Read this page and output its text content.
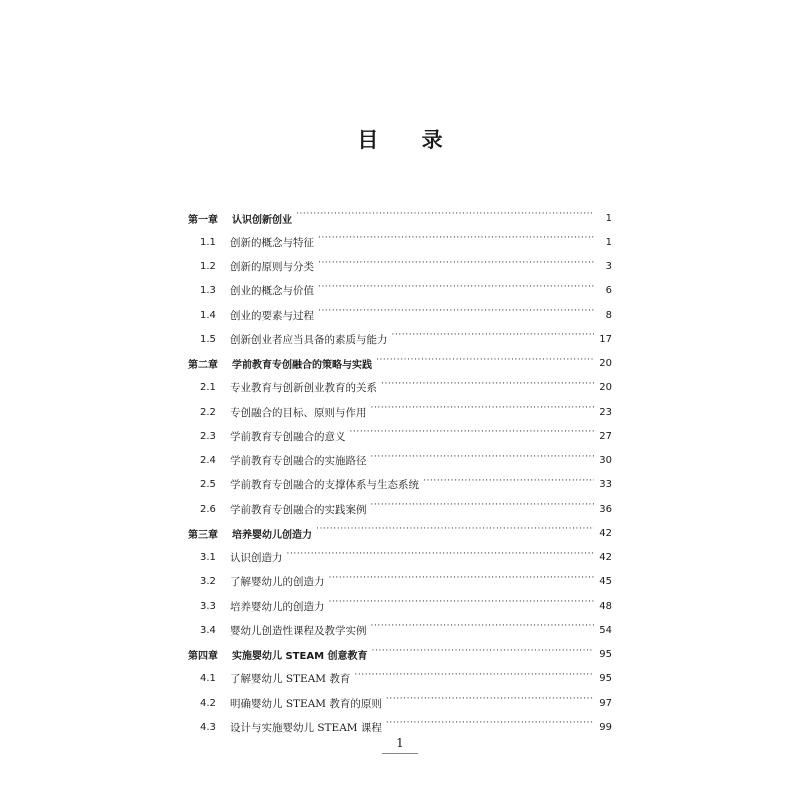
目 录
第一章	认识创新创业 ·····	1
1.1	创新的概念与特征 ·····	1
1.2	创新的原则与分类 ·····	3
1.3	创业的概念与价值 ·····	6
1.4	创业的要素与过程 ·····	8
1.5	创新创业者应当具备的素质与能力 ·····	17
第二章	学前教育专创融合的策略与实践 ·····	20
2.1	专业教育与创新创业教育的关系 ·····	20
2.2	专创融合的目标、原则与作用 ·····	23
2.3	学前教育专创融合的意义 ·····	27
2.4	学前教育专创融合的实施路径 ·····	30
2.5	学前教育专创融合的支撑体系与生态系统 ·····	33
2.6	学前教育专创融合的实践案例 ·····	36
第三章	培养婴幼儿创造力 ·····	42
3.1	认识创造力 ·····	42
3.2	了解婴幼儿的创造力 ·····	45
3.3	培养婴幼儿的创造力 ·····	48
3.4	婴幼儿创造性课程及教学实例 ·····	54
第四章	实施婴幼儿 STEAM 创意教育 ·····	95
4.1	了解婴幼儿 STEAM 教育 ·····	95
4.2	明确婴幼儿 STEAM 教育的原则 ·····	97
4.3	设计与实施婴幼儿 STEAM 课程 ·····	99
1
